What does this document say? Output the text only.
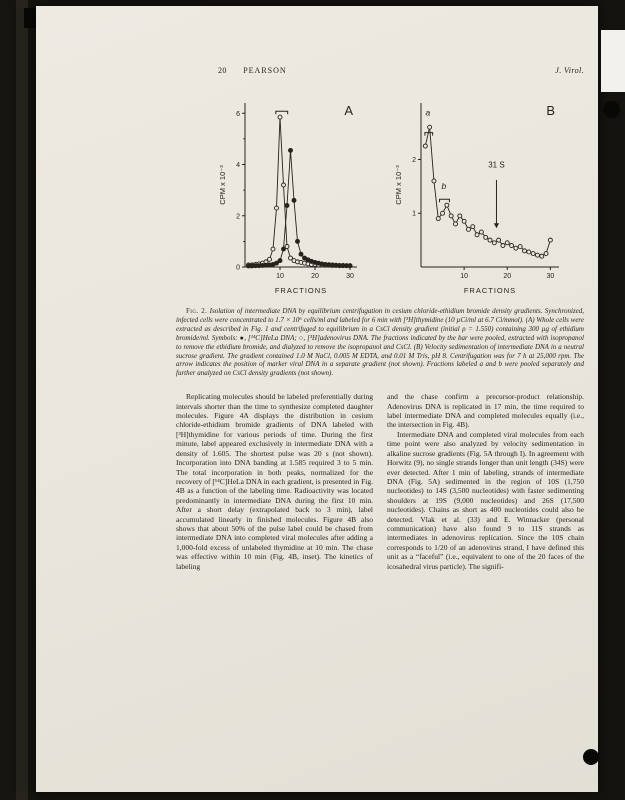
20 PEARSON	J. Virol.
10	20	30
0
2
4
6
FRACTIONS
CPM x 10⁻³
A
10	20	30
1
2
FRACTIONS
CPM x 10⁻³
B
a
b
31 S

Fig. 2. Isolation of intermediate DNA by equilibrium centrifugation in cesium chloride-ethidium bromide density gradients. Synchronized, infected cells were concentrated to 1.7 × 10⁶ cells/ml and labeled for 6 min with [³H]thymidine (10 µCi/ml at 6.7 Ci/mmol). (A) Whole cells were extracted as described in Fig. 1 and centrifuged to equilibrium in a CsCl density gradient (initial ρ = 1.550) containing 300 µg of ethidium bromide/ml. Symbols: ●, [¹⁴C]HeLa DNA; ○, [³H]adenovirus DNA. The fractions indicated by the bar were pooled, extracted with isopropanol to remove the ethidium bromide, and dialyzed to remove the isopropanol and CsCl. (B) Velocity sedimentation of intermediate DNA in a neutral sucrose gradient. The gradient contained 1.0 M NaCl, 0.005 M EDTA, and 0.01 M Tris, pH 8. Centrifugation was for 7 h at 25,000 rpm. The arrow indicates the position of marker viral DNA in a separate gradient (not shown). Fractions labeled a and b were pooled separately and further analyzed on CsCl density gradients (not shown).

Replicating molecules should be labeled preferentially during intervals shorter than the time to synthesize completed daughter molecules. Figure 4A displays the distribution in cesium chloride-ethidium bromide gradients of DNA labeled with [³H]thymidine for various periods of time. During the first minute, label appeared exclusively in intermediate DNA with a density of 1.605. The shortest pulse was 20 s (not shown). Incorporation into DNA banding at 1.585 required 3 to 5 min. The total incorporation in both peaks, normalized for the recovery of [¹⁴C]HeLa DNA in each gradient, is presented in Fig. 4B as a function of the labeling time. Radioactivity was located predominantly in intermediate DNA during the first 10 min. After a short delay (extrapolated back to 3 min), label accumulated linearly in finished molecules. Figure 4B also shows that about 50% of the pulse label could be chased from intermediate DNA into completed viral molecules after adding a 1,000-fold excess of unlabeled thymidine at 10 min. The chase was effective within 10 min (Fig. 4B, inset). The kinetics of labeling

and the chase confirm a precursor-product relationship. Adenovirus DNA is replicated in 17 min, the time required to label intermediate DNA and completed molecules equally (i.e., the intersection in Fig. 4B).

Intermediate DNA and completed viral molecules from each time point were also analyzed by velocity sedimentation in alkaline sucrose gradients (Fig. 5A through I). In agreement with Horwitz (9), no single strands longer than unit length (34S) were ever detected. After 1 min of labeling, strands of intermediate DNA (Fig. 5A) sedimented in the region of 10S (1,750 nucleotides) to 14S (3,500 nucleotides) with faster sedimenting shoulders at 19S (9,000 nucleotides) and 26S (17,500 nucleotides). Chains as short as 400 nucleotides could also be detected. Vlak et al. (33) and E. Winnacker (personal communication) have also found 9 to 11S strands as intermediates in adenovirus replication. Since the 10S chain corresponds to 1/20 of an adenovirus strand, I have defined this unit as a “faceful” (i.e., equivalent to one of the 20 faces of the icosahedral virus particle). The signifi-
